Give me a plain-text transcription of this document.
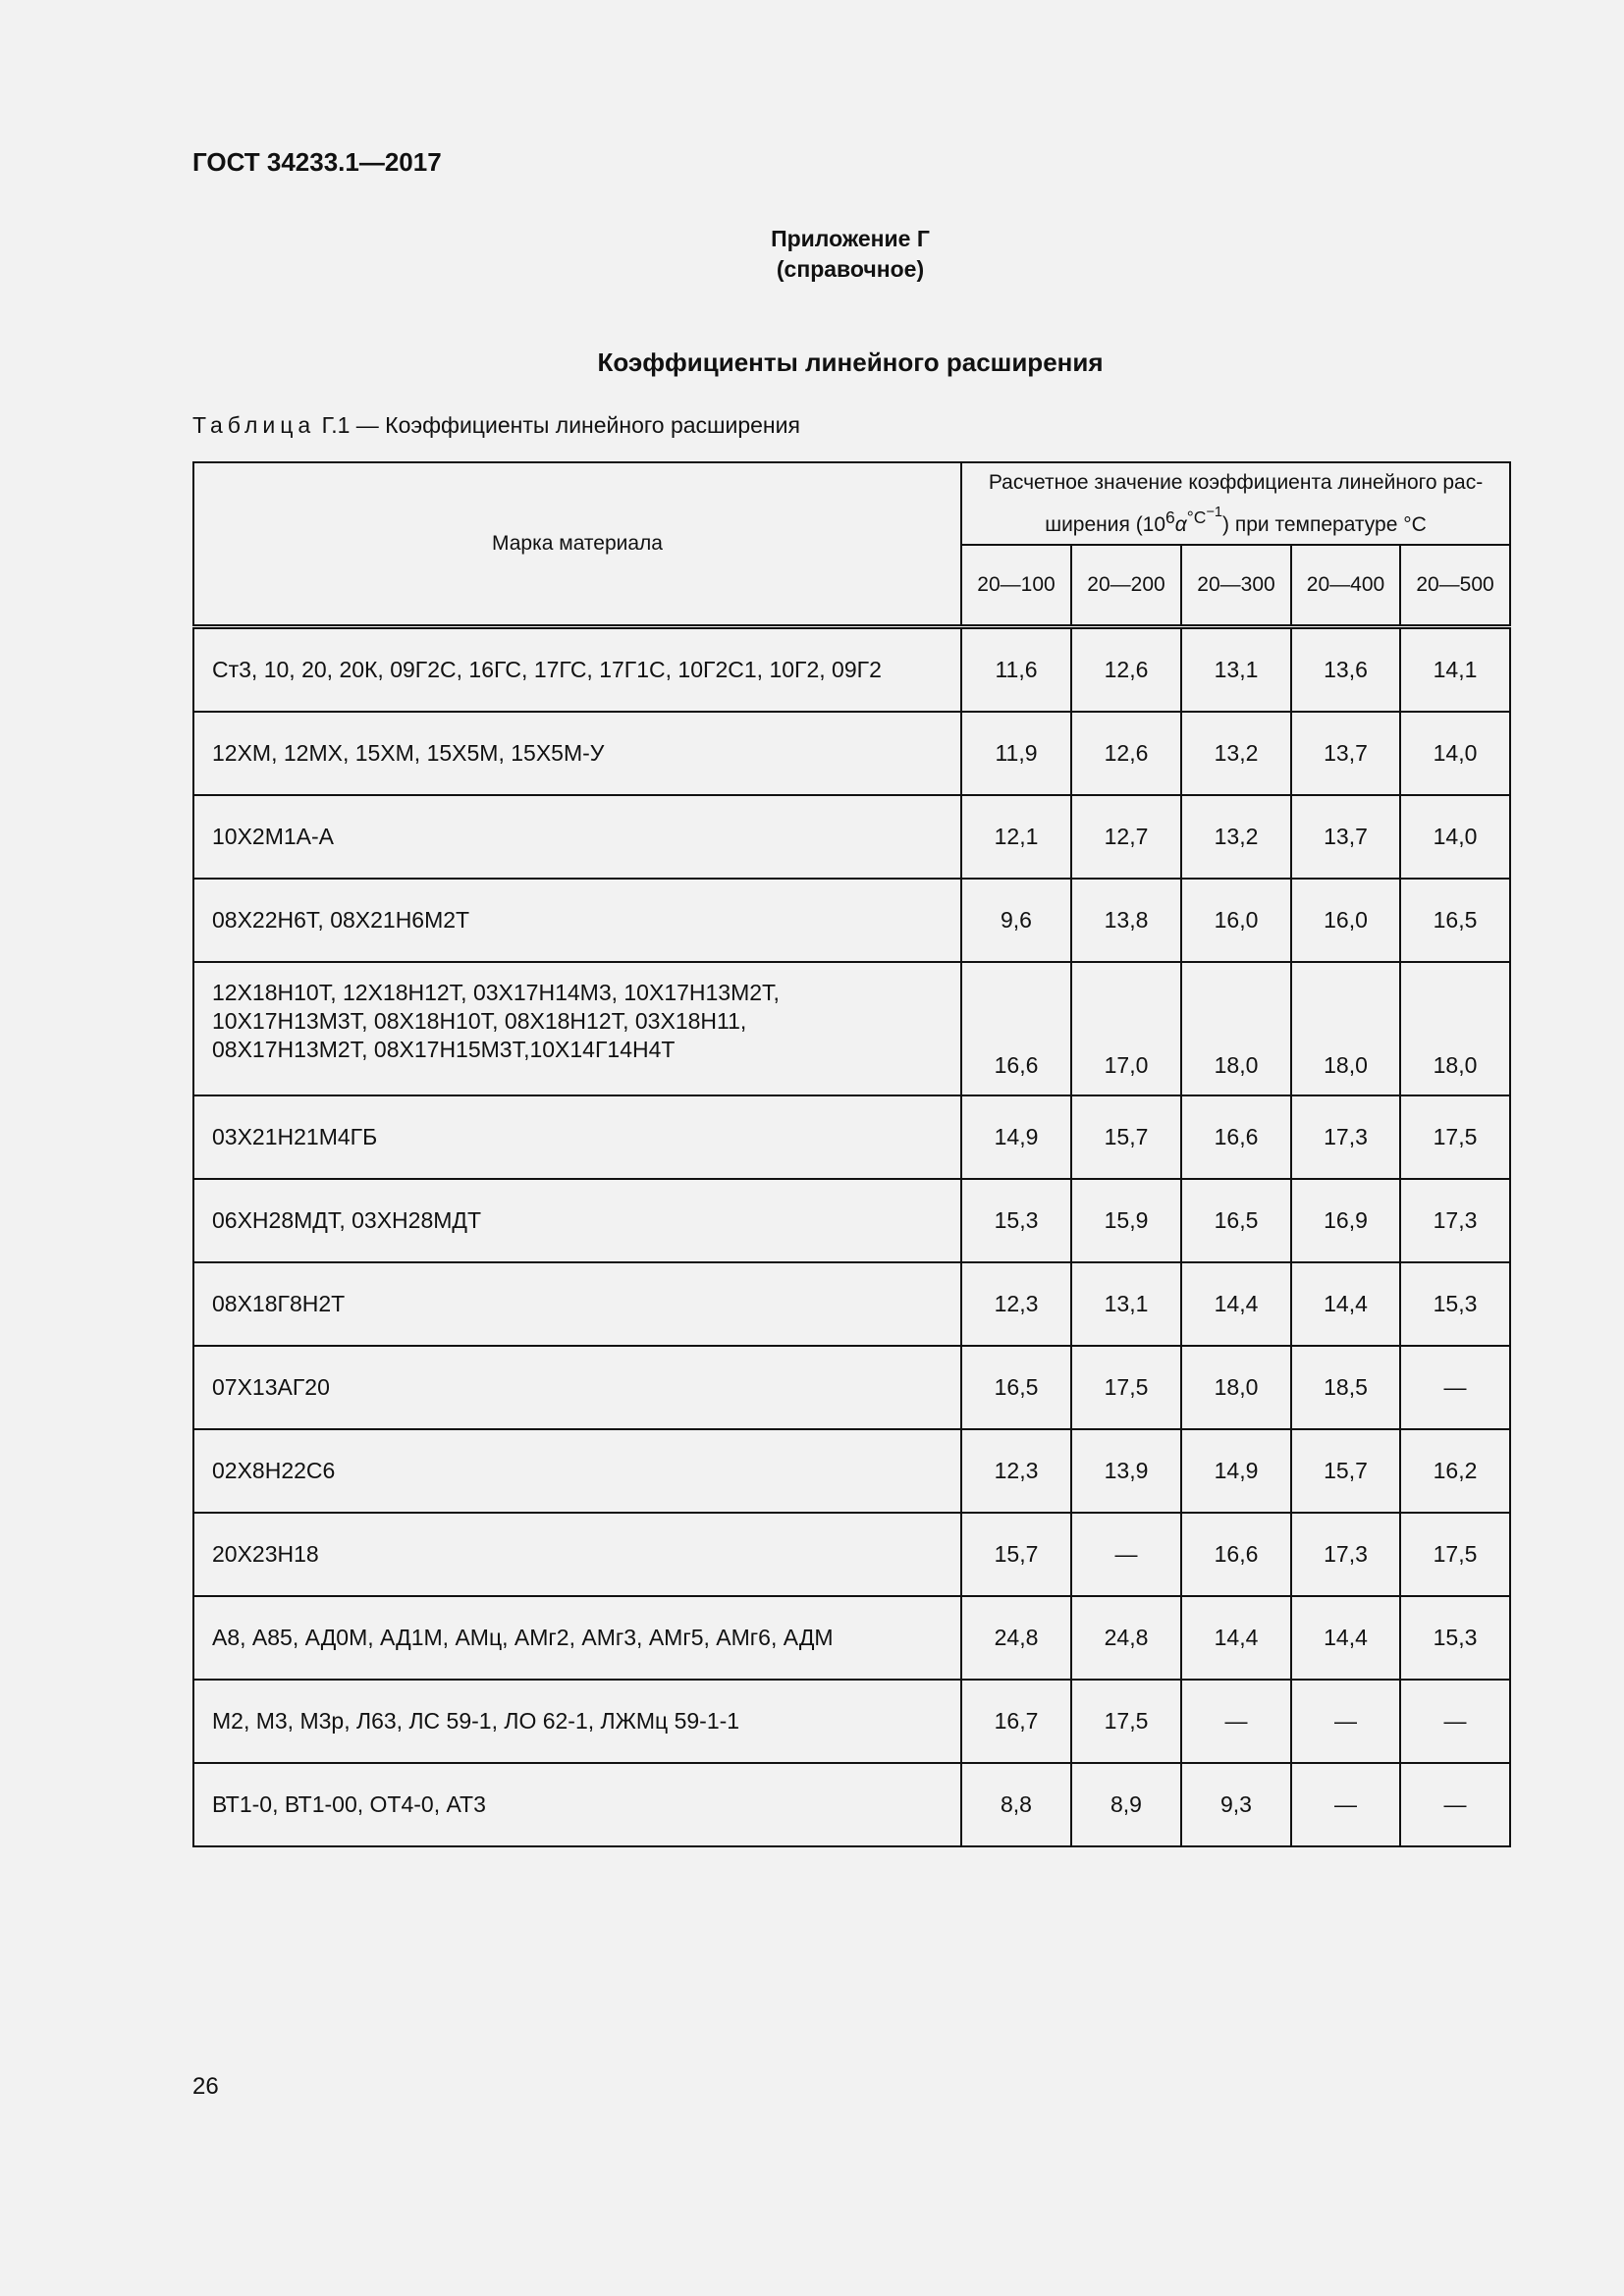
ГОСТ 34233.1—2017
Приложение Г
(справочное)
Коэффициенты линейного расширения
Таблица Г.1 — Коэффициенты линейного расширения
Марка материала	Расчетное значение коэффициента линейного рас-ширения $(10^6\alpha^{^\circ C^{-1}})$ при температуре °С				
	20—100	20—200	20—300	20—400	20—500
Ст3, 10, 20, 20К, 09Г2С, 16ГС, 17ГС, 17Г1С, 10Г2С1, 10Г2, 09Г2	11,6	12,6	13,1	13,6	14,1
12ХМ, 12МХ, 15ХМ, 15Х5М, 15Х5М-У	11,9	12,6	13,2	13,7	14,0
10Х2М1А-А	12,1	12,7	13,2	13,7	14,0
08Х22Н6Т, 08Х21Н6М2Т	9,6	13,8	16,0	16,0	16,5

12Х18Н10Т, 12Х18Н12Т, 03Х17Н14М3, 10Х17Н13М2Т,
10Х17Н13М3Т, 08Х18Н10Т, 08Х18Н12Т, 03Х18Н11,
08Х17Н13М2Т, 08Х17Н15М3Т,10Х14Г14Н4Т	16,6	17,0	18,0	18,0	18,0
03Х21Н21М4ГБ	14,9	15,7	16,6	17,3	17,5
06ХН28МДТ, 03ХН28МДТ	15,3	15,9	16,5	16,9	17,3
08Х18Г8Н2Т	12,3	13,1	14,4	14,4	15,3
07Х13АГ20	16,5	17,5	18,0	18,5	—
02Х8Н22С6	12,3	13,9	14,9	15,7	16,2
20Х23Н18	15,7	—	16,6	17,3	17,5
А8, А85, АД0М, АД1М, АМц, АМг2, АМг3, АМг5, АМг6, АДМ	24,8	24,8	14,4	14,4	15,3
М2, М3, М3р, Л63, ЛС 59-1, ЛО 62-1, ЛЖМц 59-1-1	16,7	17,5	—	—	—
ВТ1-0, ВТ1-00, ОТ4-0, АТ3	8,8	8,9	9,3	—	—
26
